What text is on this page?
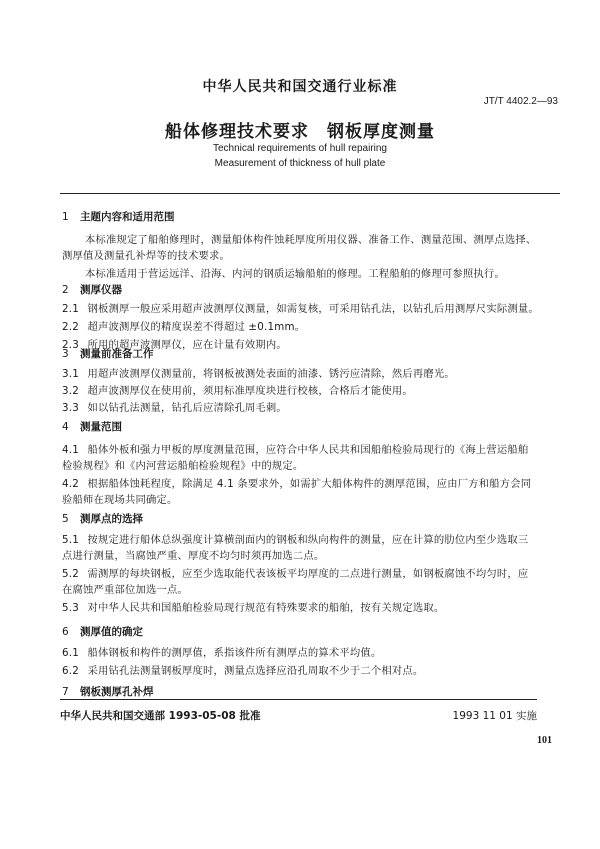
中华人民共和国交通行业标准
JT/T 4402.2—93
船体修理技术要求　钢板厚度测量
Technical requirements of hull repairing
Measurement of thickness of hull plate
1 主题内容和适用范围
本标准规定了船舶修理时，测量船体构件蚀耗厚度所用仪器、准备工作、测量范围、测厚点选择、
测厚值及测量孔补焊等的技术要求。
本标准适用于营运远洋、沿海、内河的钢质运输船舶的修理。工程船舶的修理可参照执行。
2 测厚仪器
2.1 钢板测厚一般应采用超声波测厚仪测量，如需复核，可采用钻孔法，以钻孔后用测厚尺实际测量。
2.2 超声波测厚仪的精度误差不得超过 ±0.1mm。
2.3 所用的超声波测厚仪，应在计量有效期内。
3 测量前准备工作
3.1 用超声波测厚仪测量前，将钢板被测处表面的油漆、锈污应清除，然后再磨光。
3.2 超声波测厚仪在使用前，须用标准厚度块进行校核，合格后才能使用。
3.3 如以钻孔法测量，钻孔后应清除孔周毛刺。
4 测量范围
4.1 船体外板和强力甲板的厚度测量范围，应符合中华人民共和国船舶检验局现行的《海上营运船舶
检验规程》和《内河营运船舶检验规程》中的规定。
4.2 根据船体蚀耗程度，除满足 4.1 条要求外，如需扩大船体构件的测厚范围，应由厂方和船方会同
验船师在现场共同确定。
5 测厚点的选择
5.1 按规定进行船体总纵强度计算横剖面内的钢板和纵向构件的测量，应在计算的肋位内至少选取三
点进行测量，当腐蚀严重、厚度不均匀时须再加选二点。
5.2 需测厚的每块钢板，应至少选取能代表该板平均厚度的二点进行测量，如钢板腐蚀不均匀时，应
在腐蚀严重部位加选一点。
5.3 对中华人民共和国船舶检验局现行规范有特殊要求的船舶，按有关规定选取。
6 测厚值的确定
6.1 船体钢板和构件的测厚值，系指该件所有测厚点的算术平均值。
6.2 采用钻孔法测量钢板厚度时，测量点选择应沿孔周取不少于二个相对点。
7 钢板测厚孔补焊
中华人民共和国交通部 1993-05-08 批准	1993 11 01 实施
101
